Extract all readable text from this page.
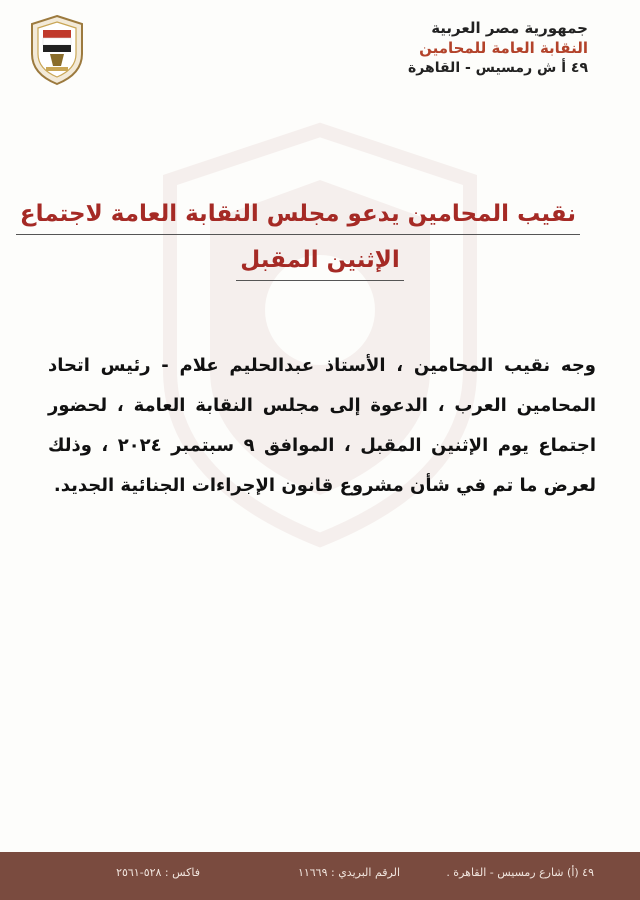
جمهورية مصر العربية
النقابة العامة للمحامين
٤٩ أ ش رمسيس - القاهرة
نقيب المحامين يدعو مجلس النقابة العامة لاجتماع
الإثنين المقبل
وجه نقيب المحامين ، الأستاذ عبدالحليم علام - رئيس اتحاد
المحامين العرب ، الدعوة إلى مجلس النقابة العامة ، لحضور
اجتماع يوم الإثنين المقبل ، الموافق ٩ سبتمبر ٢٠٢٤ ، وذلك
لعرض ما تم في شأن مشروع قانون الإجراءات الجنائية الجديد.
٤٩ (أ) شارع رمسيس - القاهرة .
الرقم البريدي : ١١٦٦٩
فاكس : ٥٢٨-٢٥٦١
